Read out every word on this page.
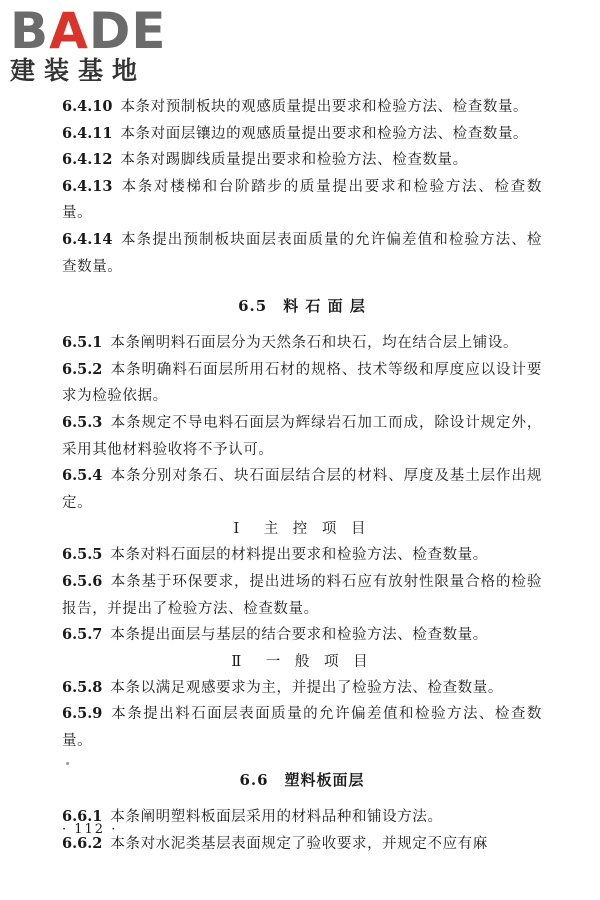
BADE
建装基地

6.4.10 本条对预制板块的观感质量提出要求和检验方法、检查数量。

6.4.11 本条对面层镶边的观感质量提出要求和检验方法、检查数量。

6.4.12 本条对踢脚线质量提出要求和检验方法、检查数量。

6.4.13 本条对楼梯和台阶踏步的质量提出要求和检验方法、检查数量。

6.4.14 本条提出预制板块面层表面质量的允许偏差值和检验方法、检查数量。

6.5　料 石 面 层

6.5.1 本条阐明料石面层分为天然条石和块石，均在结合层上铺设。

6.5.2 本条明确料石面层所用石材的规格、技术等级和厚度应以设计要求为检验依据。

6.5.3 本条规定不导电料石面层为辉绿岩石加工而成，除设计规定外，采用其他材料验收将不予认可。

6.5.4 本条分别对条石、块石面层结合层的材料、厚度及基土层作出规定。

Ⅰ　主 控 项 目

6.5.5 本条对料石面层的材料提出要求和检验方法、检查数量。

6.5.6 本条基于环保要求，提出进场的料石应有放射性限量合格的检验报告，并提出了检验方法、检查数量。

6.5.7 本条提出面层与基层的结合要求和检验方法、检查数量。

Ⅱ　一 般 项 目

6.5.8 本条以满足观感要求为主，并提出了检验方法、检查数量。

6.5.9 本条提出料石面层表面质量的允许偏差值和检验方法、检查数量。

6.6　塑料板面层

6.6.1 本条阐明塑料板面层采用的材料品种和铺设方法。

6.6.2 本条对水泥类基层表面规定了验收要求，并规定不应有麻

· 112 ·
